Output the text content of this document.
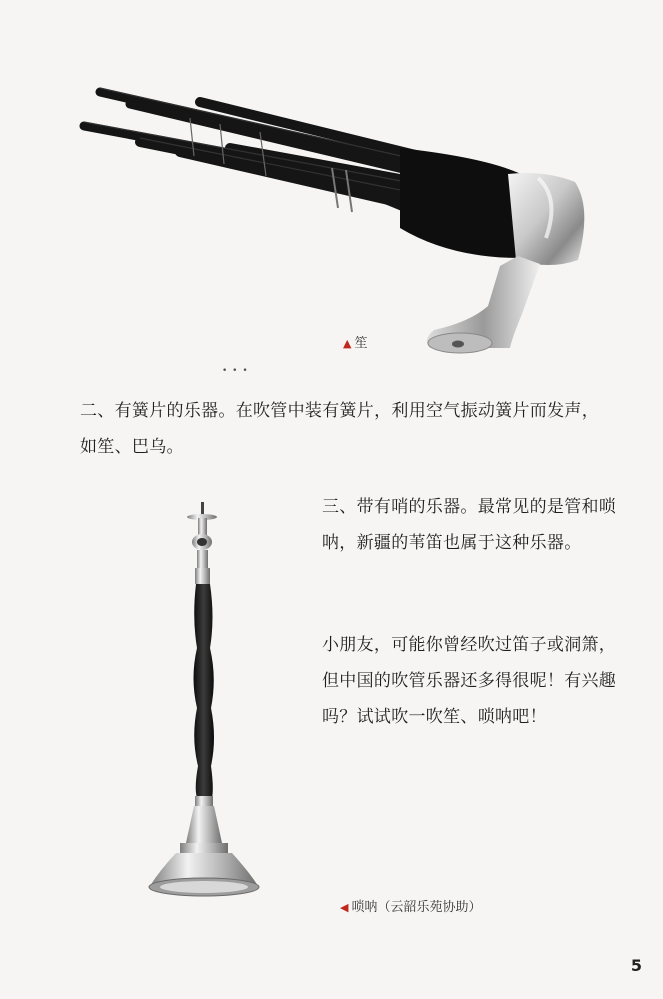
▲ 笙
• • •

二、有簧片的乐器。在吹管中装有簧片，利用空气振动簧片而发声，如笙、巴乌。

三、带有哨的乐器。最常见的是管和唢呐，新疆的苇笛也属于这种乐器。

小朋友，可能你曾经吹过笛子或洞箫，但中国的吹管乐器还多得很呢！有兴趣吗？试试吹一吹笙、唢呐吧！

◀ 唢呐（云韶乐苑协助）
5
